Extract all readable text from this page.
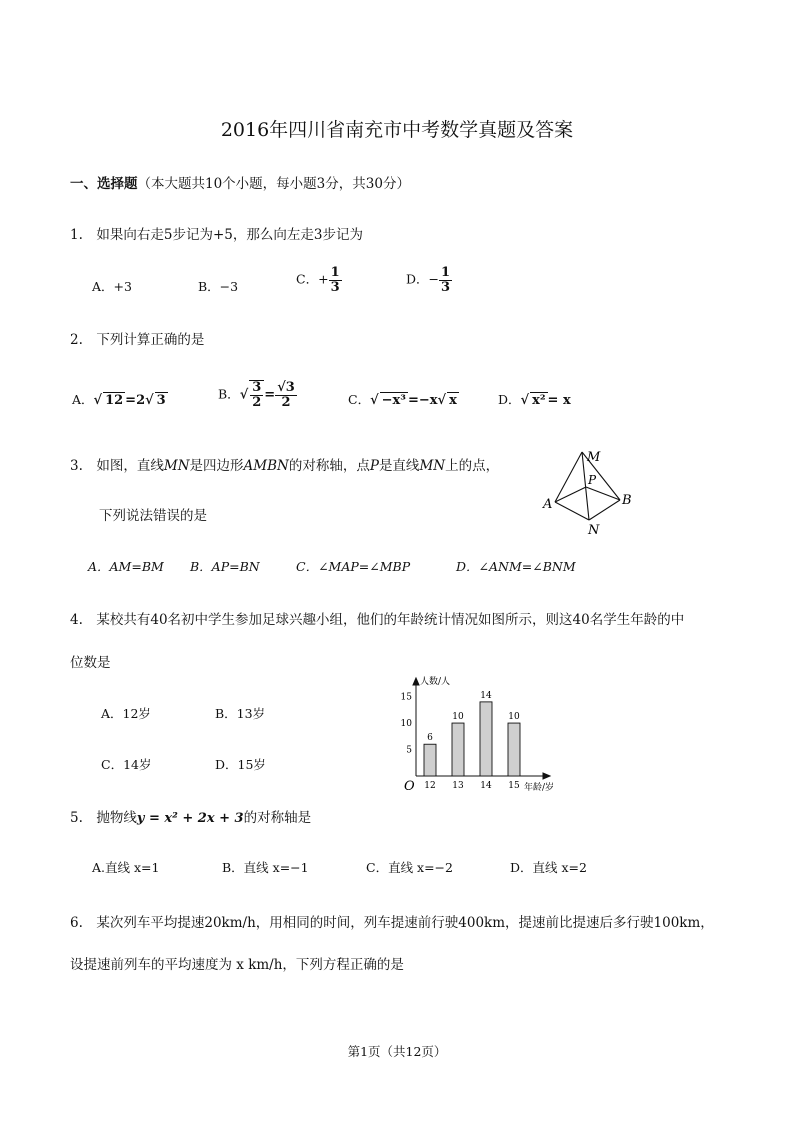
2016年四川省南充市中考数学真题及答案
一、选择题（本大题共10个小题，每小题3分，共30分）
1.　如果向右走5步记为+5，那么向左走3步记为
A．+3	B．−3	C．+ $\frac{1}{3}$	D．− $\frac{1}{3}$
2.　下列计算正确的是
A．√ 12 =2√ 3	B．√ $\frac{3}{2} = \frac{√3}{2}$	C．√ −x³ =−x√ x	D．√ x² = x
3.　如图，直线MN是四边形AMBN的对称轴，点P是直线MN上的点，
下列说法错误的是
M
P
A	B
N
A．AM=BM B．AP=BN	C．∠MAP=∠MBP	D．∠ANM=∠BNM
4.　某校共有40名初中学生参加足球兴趣小组，他们的年龄统计情况如图所示，则这40名学生年龄的中
位数是
A．12岁	B．13岁
C．14岁	D．15岁
人数/人
年龄/岁
O
5
10
15
6
12
10
13
14
14
10
15
5.　抛物线y = x² + 2x + 3的对称轴是
A.直线 x=1	B．直线 x=−1	C．直线 x=−2	D．直线 x=2
6.　某次列车平均提速20km/h，用相同的时间，列车提速前行驶400km，提速前比提速后多行驶100km，
设提速前列车的平均速度为 x km/h，下列方程正确的是
第1页（共12页）
